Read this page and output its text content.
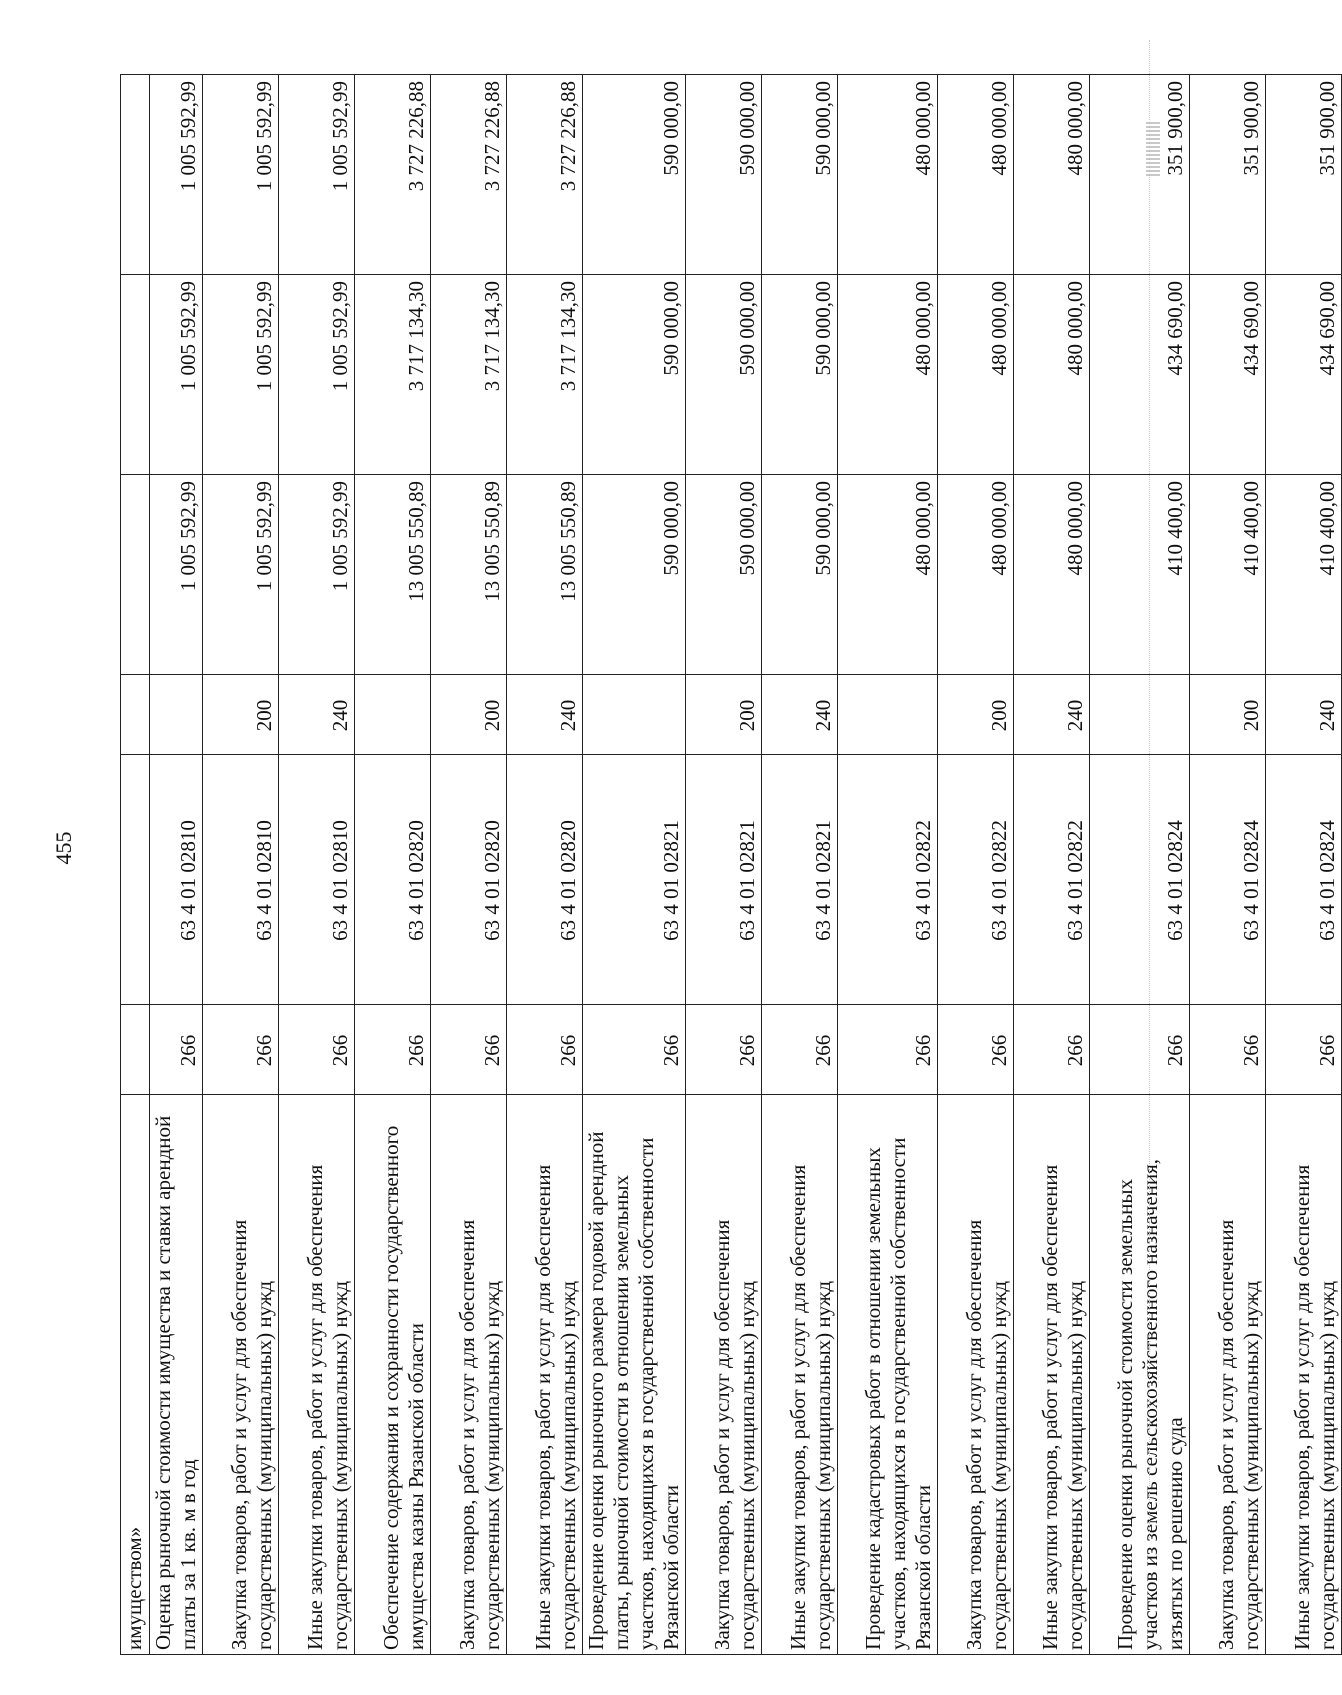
455
имуществом»						
Оценка рыночной стоимости имущества и ставки арендной платы за 1 кв. м в год	266	63 4 01 02810		1 005 592,99	1 005 592,99	1 005 592,99
Закупка товаров, работ и услуг для обеспечения государственных (муниципальных) нужд	266	63 4 01 02810	200	1 005 592,99	1 005 592,99	1 005 592,99
Иные закупки товаров, работ и услуг для обеспечения государственных (муниципальных) нужд	266	63 4 01 02810	240	1 005 592,99	1 005 592,99	1 005 592,99
Обеспечение содержания и сохранности государственного имущества казны Рязанской области	266	63 4 01 02820		13 005 550,89	3 717 134,30	3 727 226,88
Закупка товаров, работ и услуг для обеспечения государственных (муниципальных) нужд	266	63 4 01 02820	200	13 005 550,89	3 717 134,30	3 727 226,88
Иные закупки товаров, работ и услуг для обеспечения государственных (муниципальных) нужд	266	63 4 01 02820	240	13 005 550,89	3 717 134,30	3 727 226,88
Проведение оценки рыночного размера годовой арендной платы, рыночной стоимости в отношении земельных участков, находящихся в государственной собственности Рязанской области	266	63 4 01 02821		590 000,00	590 000,00	590 000,00
Закупка товаров, работ и услуг для обеспечения государственных (муниципальных) нужд	266	63 4 01 02821	200	590 000,00	590 000,00	590 000,00
Иные закупки товаров, работ и услуг для обеспечения государственных (муниципальных) нужд	266	63 4 01 02821	240	590 000,00	590 000,00	590 000,00
Проведение кадастровых работ в отношении земельных участков, находящихся в государственной собственности Рязанской области	266	63 4 01 02822		480 000,00	480 000,00	480 000,00
Закупка товаров, работ и услуг для обеспечения государственных (муниципальных) нужд	266	63 4 01 02822	200	480 000,00	480 000,00	480 000,00
Иные закупки товаров, работ и услуг для обеспечения государственных (муниципальных) нужд	266	63 4 01 02822	240	480 000,00	480 000,00	480 000,00
Проведение оценки рыночной стоимости земельных участков из земель сельскохозяйственного назначения, изъятых по решению суда	266	63 4 01 02824		410 400,00	434 690,00	351 900,00
Закупка товаров, работ и услуг для обеспечения государственных (муниципальных) нужд	266	63 4 01 02824	200	410 400,00	434 690,00	351 900,00
Иные закупки товаров, работ и услуг для обеспечения государственных (муниципальных) нужд	266	63 4 01 02824	240	410 400,00	434 690,00	351 900,00
